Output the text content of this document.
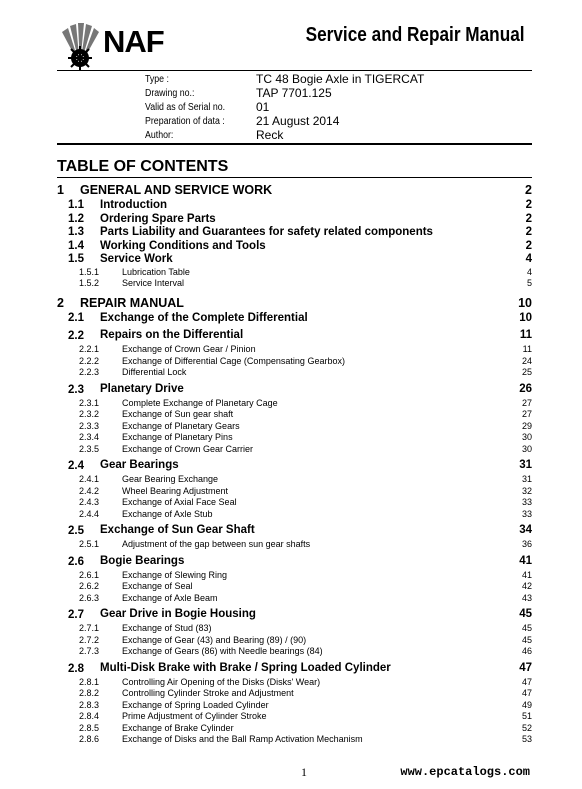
NAF	Service and Repair Manual
Type :	TC 48 Bogie Axle in TIGERCAT
Drawing no.:	TAP 7701.125
Valid as of Serial no.	01
Preparation of data :	21 August 2014
Author:	Reck
TABLE OF CONTENTS
1 GENERAL AND SERVICE WORK	2
1.1 Introduction	2
1.2 Ordering Spare Parts	2
1.3 Parts Liability and Guarantees for safety related components	2
1.4 Working Conditions and Tools	2
1.5 Service Work	4
1.5.1	Lubrication Table	4
1.5.2	Service Interval	5
2 REPAIR MANUAL	10
2.1 Exchange of the Complete Differential	10
2.2 Repairs on the Differential	11
2.2.1	Exchange of Crown Gear / Pinion	11
2.2.2	Exchange of Differential Cage (Compensating Gearbox)	24
2.2.3	Differential Lock	25
2.3 Planetary Drive	26
2.3.1	Complete Exchange of Planetary Cage	27
2.3.2	Exchange of Sun gear shaft	27
2.3.3	Exchange of Planetary Gears	29
2.3.4	Exchange of Planetary Pins	30
2.3.5	Exchange of Crown Gear Carrier	30
2.4 Gear Bearings	31
2.4.1	Gear Bearing Exchange	31
2.4.2	Wheel Bearing Adjustment	32
2.4.3	Exchange of Axial Face Seal	33
2.4.4	Exchange of Axle Stub	33
2.5 Exchange of Sun Gear Shaft	34
2.5.1	Adjustment of the gap between sun gear shafts	36
2.6 Bogie Bearings	41
2.6.1	Exchange of Slewing Ring	41
2.6.2	Exchange of Seal	42
2.6.3	Exchange of Axle Beam	43
2.7 Gear Drive in Bogie Housing	45
2.7.1	Exchange of Stud (83)	45
2.7.2	Exchange of Gear (43) and Bearing (89) / (90)	45
2.7.3	Exchange of Gears (86) with Needle bearings (84)	46
2.8 Multi-Disk Brake with Brake / Spring Loaded Cylinder	47
2.8.1	Controlling Air Opening of the Disks (Disks' Wear)	47
2.8.2	Controlling Cylinder Stroke and Adjustment	47
2.8.3	Exchange of Spring Loaded Cylinder	49
2.8.4	Prime Adjustment of Cylinder Stroke	51
2.8.5	Exchange of Brake Cylinder	52
2.8.6	Exchange of Disks and the Ball Ramp Activation Mechanism	53
1	www.epcatalogs.com
